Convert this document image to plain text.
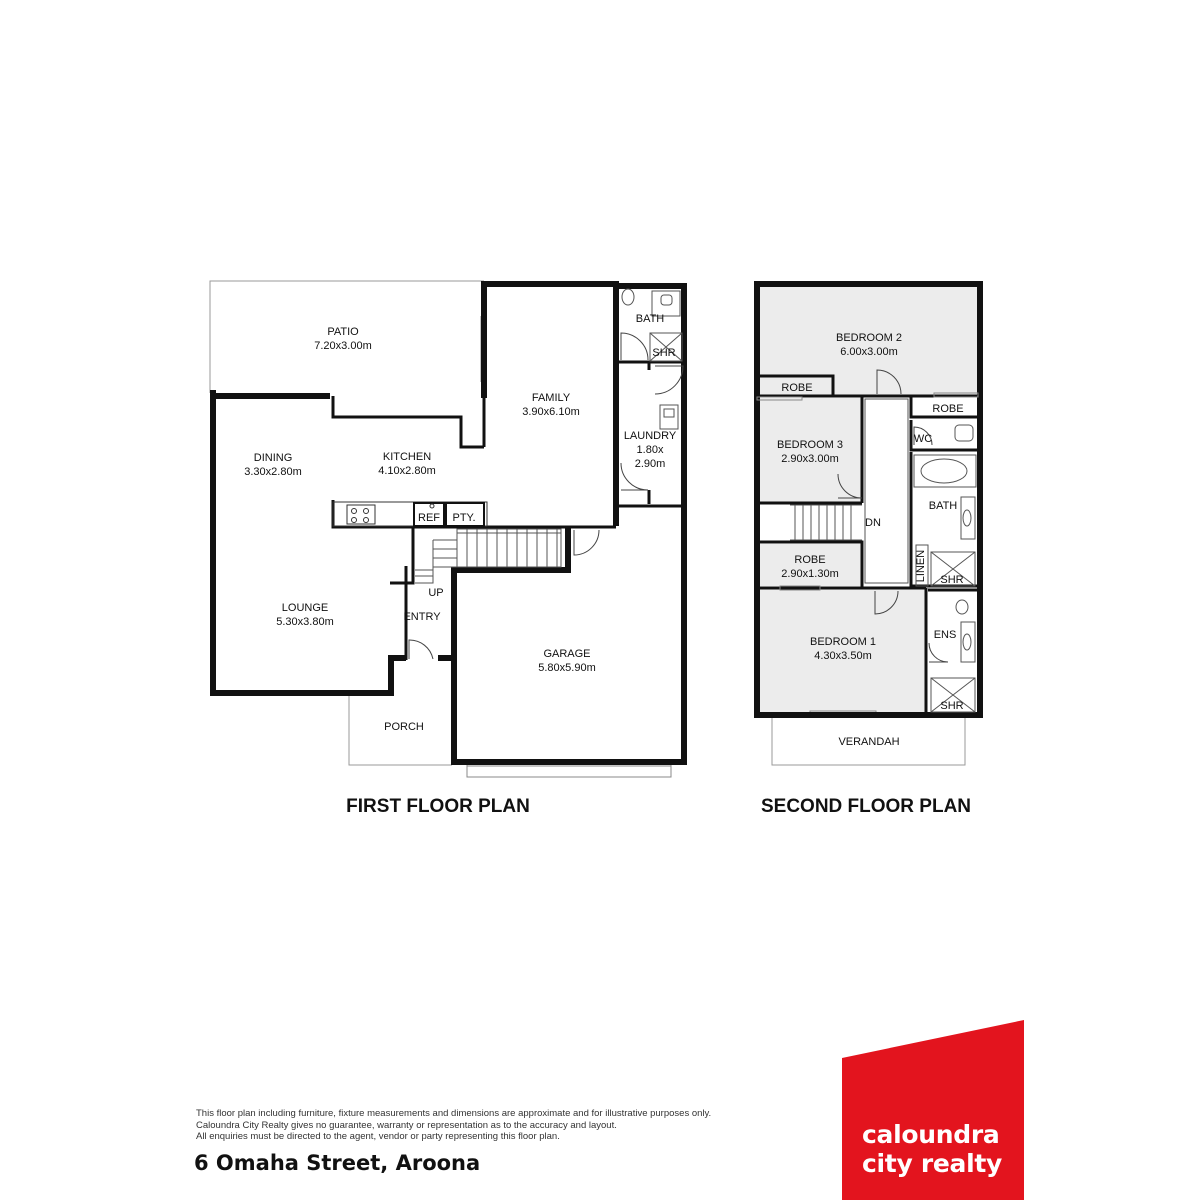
PATIO
7.20x3.00m
FAMILY
3.90x6.10m
BATH
SHR
LAUNDRY
1.80x
2.90m
DINING
3.30x2.80m
KITCHEN
4.10x2.80m
REF PTY.
UP
LOUNGE
5.30x3.80m	ENTRY
GARAGE
5.80x5.90m
PORCH
FIRST FLOOR PLAN
BEDROOM 2
6.00x3.00m
ROBE
ROBE
WC
BEDROOM 3
2.90x3.00m
BATH
DN
ROBE
2.90x1.30m	LINEN SHR
ENS
BEDROOM 1
4.30x3.50m
SHR
VERANDAH
SECOND FLOOR PLAN
This floor plan including furniture, fixture measurements and dimensions are approximate and for illustrative purposes only.
Caloundra City Realty gives no guarantee, warranty or representation as to the accuracy and layout.
All enquiries must be directed to the agent, vendor or party representing this floor plan.
6 Omaha Street, Aroona
caloundra
city realty
